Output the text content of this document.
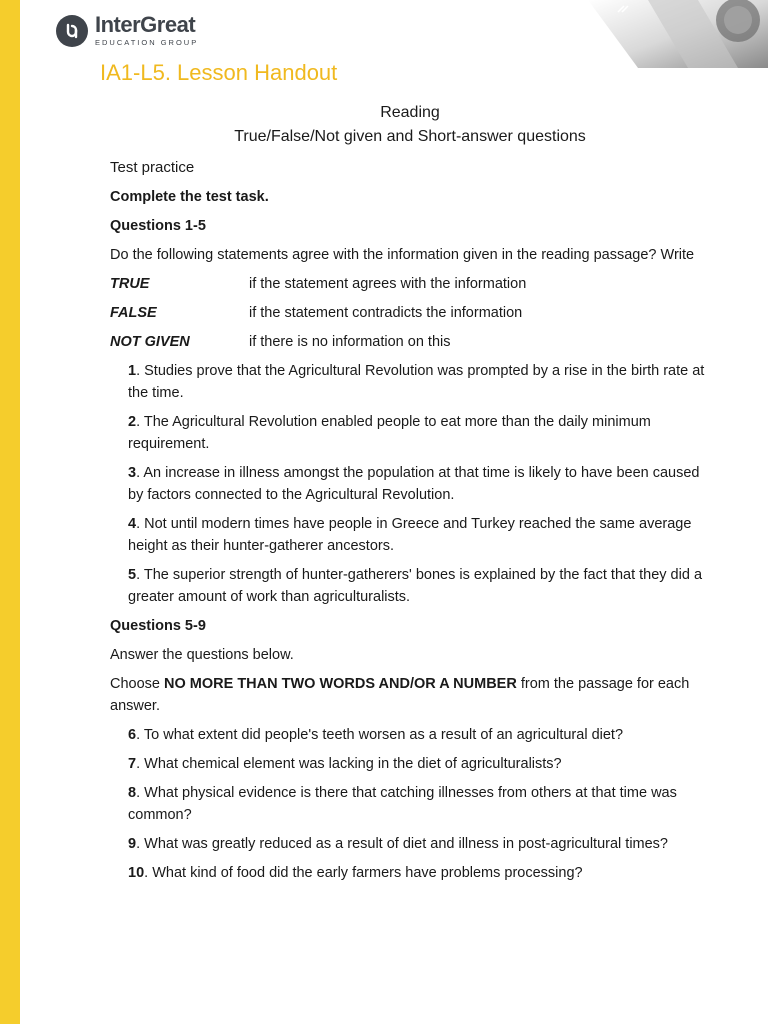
InterGreat
EDUCATION GROUP
IA1-L5. Lesson Handout

Reading

True/False/Not given and Short-answer questions

Test practice

Complete the test task.

Questions 1-5

Do the following statements agree with the information given in the reading passage? Write

TRUE	if the statement agrees with the information
FALSE	if the statement contradicts the information
NOT GIVEN	if there is no information on this

1. Studies prove that the Agricultural Revolution was prompted by a rise in the birth rate at the time.

2. The Agricultural Revolution enabled people to eat more than the daily minimum requirement.

3. An increase in illness amongst the population at that time is likely to have been caused by factors connected to the Agricultural Revolution.

4. Not until modern times have people in Greece and Turkey reached the same average height as their hunter-gatherer ancestors.

5. The superior strength of hunter-gatherers' bones is explained by the fact that they did a greater amount of work than agriculturalists.

Questions 5-9

Answer the questions below.

Choose NO MORE THAN TWO WORDS AND/OR A NUMBER from the passage for each answer.

6. To what extent did people's teeth worsen as a result of an agricultural diet?

7. What chemical element was lacking in the diet of agriculturalists?

8. What physical evidence is there that catching illnesses from others at that time was common?

9. What was greatly reduced as a result of diet and illness in post-agricultural times?

10. What kind of food did the early farmers have problems processing?
